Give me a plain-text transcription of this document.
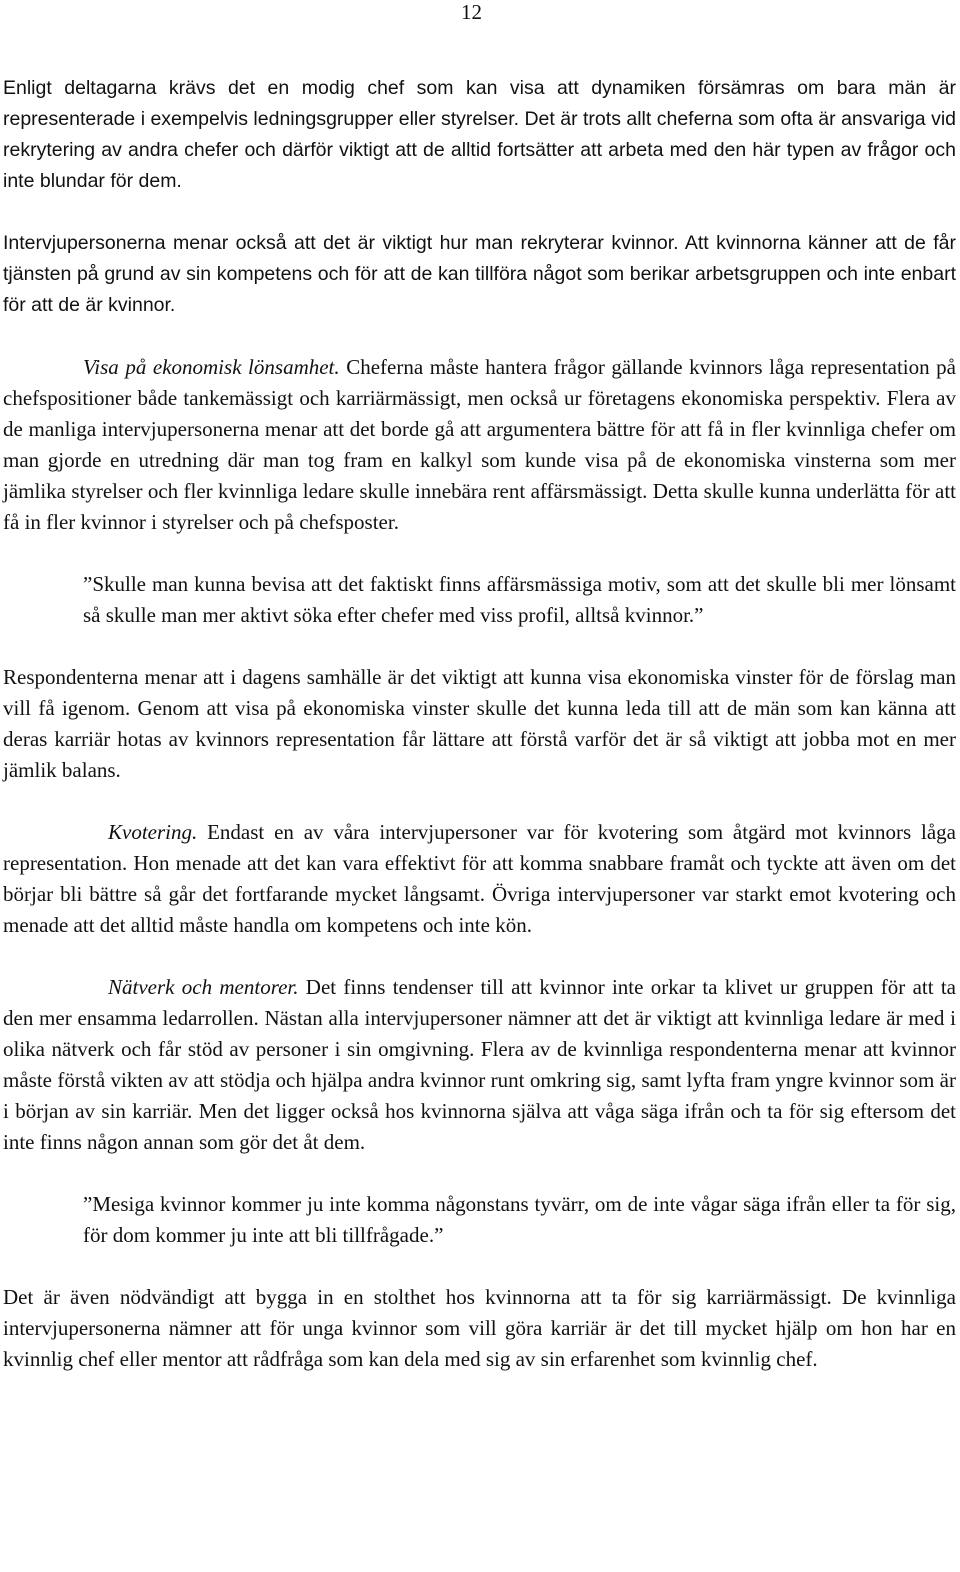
12

Enligt deltagarna krävs det en modig chef som kan visa att dynamiken försämras om bara män är representerade i exempelvis ledningsgrupper eller styrelser. Det är trots allt cheferna som ofta är ansvariga vid rekrytering av andra chefer och därför viktigt att de alltid fortsätter att arbeta med den här typen av frågor och inte blundar för dem.

Intervjupersonerna menar också att det är viktigt hur man rekryterar kvinnor. Att kvinnorna känner att de får tjänsten på grund av sin kompetens och för att de kan tillföra något som berikar arbetsgruppen och inte enbart för att de är kvinnor.

Visa på ekonomisk lönsamhet. Cheferna måste hantera frågor gällande kvinnors låga representation på chefspositioner både tankemässigt och karriärmässigt, men också ur företagens ekonomiska perspektiv. Flera av de manliga intervjupersonerna menar att det borde gå att argumentera bättre för att få in fler kvinnliga chefer om man gjorde en utredning där man tog fram en kalkyl som kunde visa på de ekonomiska vinsterna som mer jämlika styrelser och fler kvinnliga ledare skulle innebära rent affärsmässigt. Detta skulle kunna underlätta för att få in fler kvinnor i styrelser och på chefsposter.

”Skulle man kunna bevisa att det faktiskt finns affärsmässiga motiv, som att det skulle bli mer lönsamt så skulle man mer aktivt söka efter chefer med viss profil, alltså kvinnor.”

Respondenterna menar att i dagens samhälle är det viktigt att kunna visa ekonomiska vinster för de förslag man vill få igenom. Genom att visa på ekonomiska vinster skulle det kunna leda till att de män som kan känna att deras karriär hotas av kvinnors representation får lättare att förstå varför det är så viktigt att jobba mot en mer jämlik balans.

Kvotering. Endast en av våra intervjupersoner var för kvotering som åtgärd mot kvinnors låga representation. Hon menade att det kan vara effektivt för att komma snabbare framåt och tyckte att även om det börjar bli bättre så går det fortfarande mycket långsamt. Övriga intervjupersoner var starkt emot kvotering och menade att det alltid måste handla om kompetens och inte kön.

Nätverk och mentorer. Det finns tendenser till att kvinnor inte orkar ta klivet ur gruppen för att ta den mer ensamma ledarrollen. Nästan alla intervjupersoner nämner att det är viktigt att kvinnliga ledare är med i olika nätverk och får stöd av personer i sin omgivning. Flera av de kvinnliga respondenterna menar att kvinnor måste förstå vikten av att stödja och hjälpa andra kvinnor runt omkring sig, samt lyfta fram yngre kvinnor som är i början av sin karriär. Men det ligger också hos kvinnorna själva att våga säga ifrån och ta för sig eftersom det inte finns någon annan som gör det åt dem.

”Mesiga kvinnor kommer ju inte komma någonstans tyvärr, om de inte vågar säga ifrån eller ta för sig, för dom kommer ju inte att bli tillfrågade.”

Det är även nödvändigt att bygga in en stolthet hos kvinnorna att ta för sig karriärmässigt. De kvinnliga intervjupersonerna nämner att för unga kvinnor som vill göra karriär är det till mycket hjälp om hon har en kvinnlig chef eller mentor att rådfråga som kan dela med sig av sin erfarenhet som kvinnlig chef.
